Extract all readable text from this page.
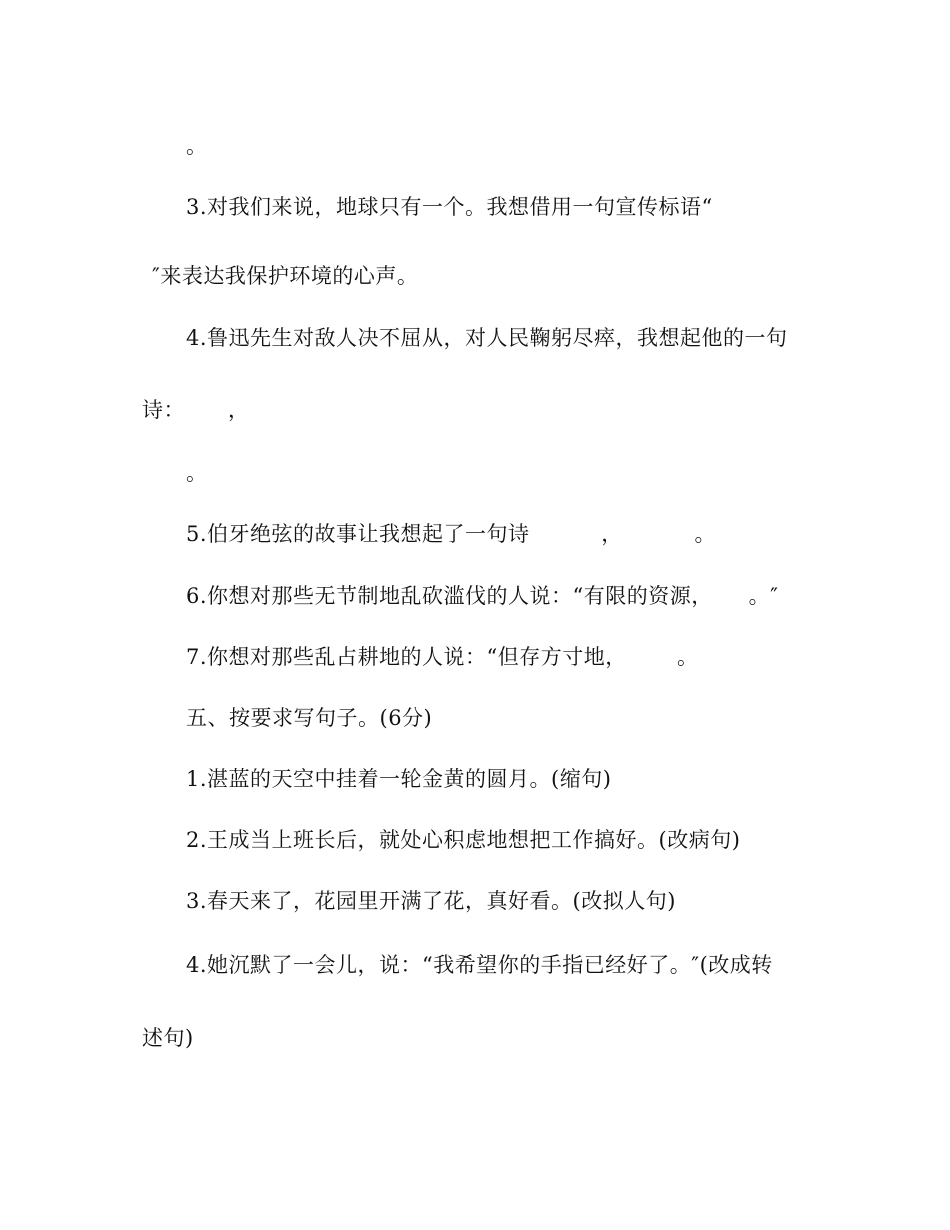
。
3.对我们来说，地球只有一个。我想借用一句宣传标语“
″来表达我保护环境的心声。
4.鲁迅先生对敌人决不屈从，对人民鞠躬尽瘁，我想起他的一句
诗：      ，
。
5.伯牙绝弦的故事让我想起了一句诗          ，          。
6.你想对那些无节制地乱砍滥伐的人说：“有限的资源，     。″
7.你想对那些乱占耕地的人说：“但存方寸地，       。
五、按要求写句子。(6分)
1.湛蓝的天空中挂着一轮金黄的圆月。(缩句)
2.王成当上班长后，就处心积虑地想把工作搞好。(改病句)
3.春天来了，花园里开满了花，真好看。(改拟人句)
4.她沉默了一会儿，说：“我希望你的手指已经好了。″(改成转
述句)
